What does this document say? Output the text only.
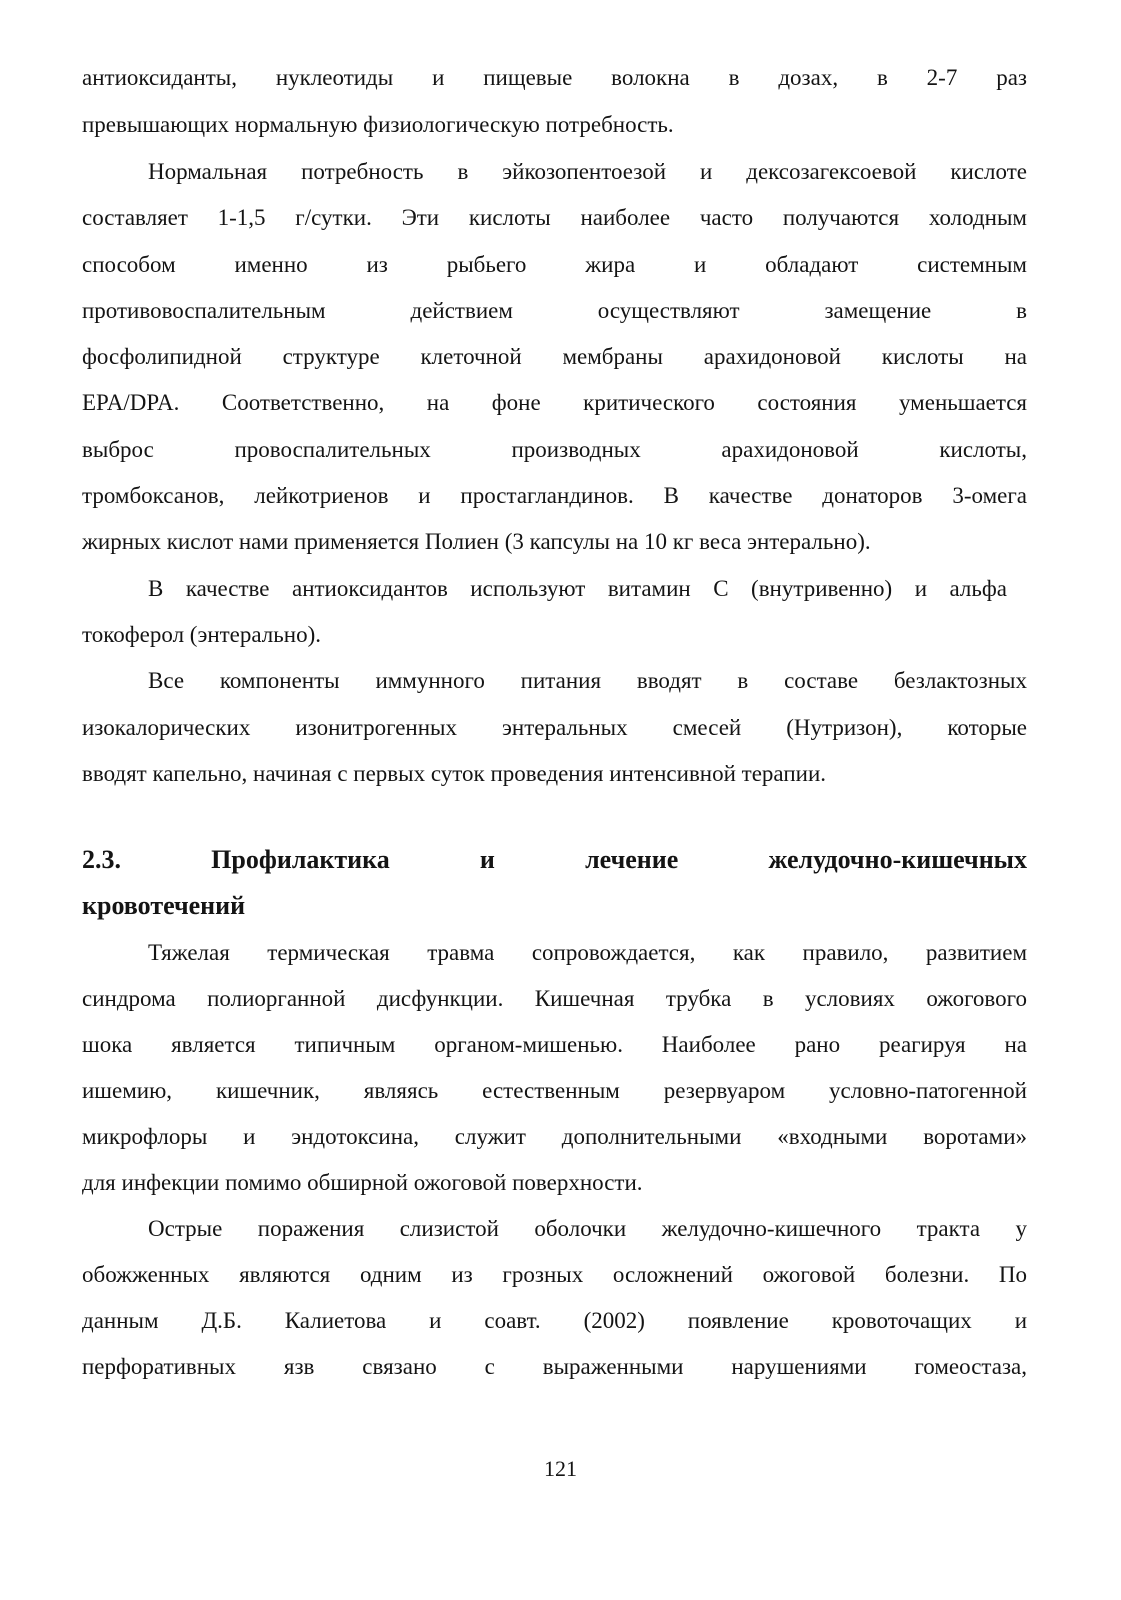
антиоксиданты, нуклеотиды и пищевые волокна в дозах, в 2-7 раз
превышающих нормальную физиологическую потребность.
Нормальная потребность в эйкозопентоезой и дексозагексоевой кислоте
составляет 1-1,5 г/сутки. Эти кислоты наиболее часто получаются холодным
способом именно из рыбьего жира и обладают системным
противовоспалительным действием осуществляют замещение в
фосфолипидной структуре клеточной мембраны арахидоновой кислоты на
EPA/DPA. Соответственно, на фоне критического состояния уменьшается
выброс провоспалительных производных арахидоновой кислоты,
тромбоксанов, лейкотриенов и простагландинов. В качестве донаторов 3-омега
жирных кислот нами применяется Полиен (3 капсулы на 10 кг веса энтерально).
В качестве антиоксидантов используют витамин С (внутривенно) и альфа
токоферол (энтерально).
Все компоненты иммунного питания вводят в составе безлактозных
изокалорических изонитрогенных энтеральных смесей (Нутризон), которые
вводят капельно, начиная с первых суток проведения интенсивной терапии.
2.3. Профилактика и лечение желудочно-кишечных
кровотечений
Тяжелая термическая травма сопровождается, как правило, развитием
синдрома полиорганной дисфункции. Кишечная трубка в условиях ожогового
шока является типичным органом-мишенью. Наиболее рано реагируя на
ишемию, кишечник, являясь естественным резервуаром условно-патогенной
микрофлоры и эндотоксина, служит дополнительными «входными воротами»
для инфекции помимо обширной ожоговой поверхности.
Острые поражения слизистой оболочки желудочно-кишечного тракта у
обожженных являются одним из грозных осложнений ожоговой болезни. По
данным Д.Б. Калиетова и соавт. (2002) появление кровоточащих и
перфоративных язв связано с выраженными нарушениями гомеостаза,
121
